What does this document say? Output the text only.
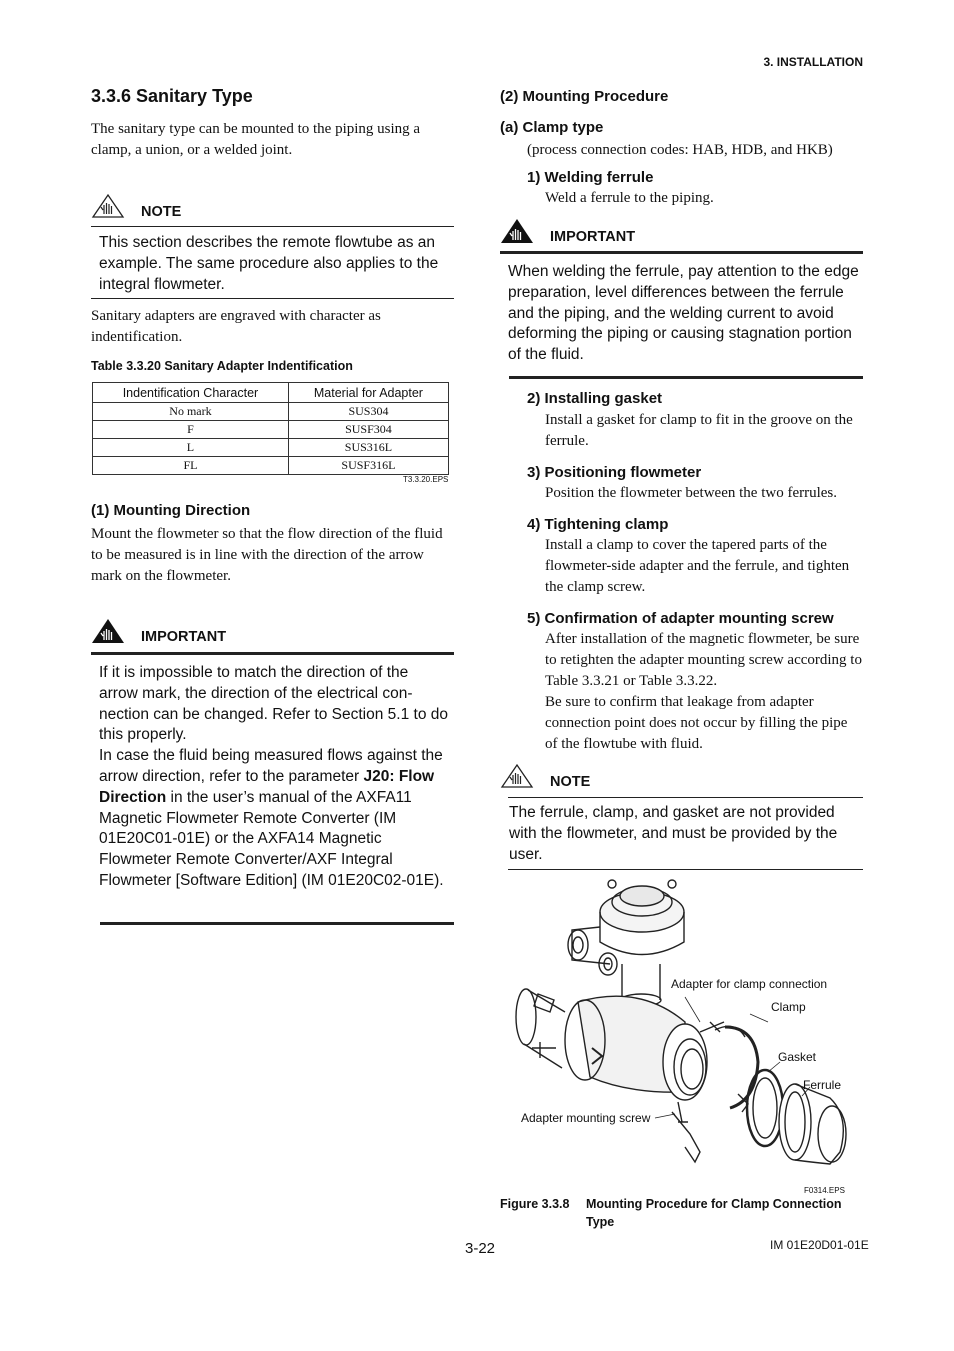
3. INSTALLATION
3.3.6 Sanitary Type
The sanitary type can be mounted to the piping using a clamp, a union, or a welded joint.
NOTE
This section describes the remote flowtube as an example. The same procedure also applies to the integral flowmeter.
Sanitary adapters are engraved with character as indentification.
Table 3.3.20 Sanitary Adapter Indentification
Indentification Character	Material for Adapter
No mark	SUS304
F	SUSF304
L	SUS316L
FL	SUSF316L
T3.3.20.EPS
(1) Mounting Direction
Mount the flowmeter so that the flow direction of the fluid to be measured is in line with the direction of the arrow mark on the flowmeter.
IMPORTANT
If it is impossible to match the direction of the arrow mark, the direction of the electrical con-nection can be changed. Refer to Section 5.1 to do this properly.
In case the fluid being measured flows against the arrow direction, refer to the parameter J20: Flow Direction in the user’s manual of the AXFA11 Magnetic Flowmeter Remote Converter (IM 01E20C01-01E) or the AXFA14 Magnetic Flowmeter Remote Converter/AXF Integral Flowmeter [Software Edition] (IM 01E20C02-01E).
(2) Mounting Procedure
(a) Clamp type
(process connection codes: HAB, HDB, and HKB)
1) Welding ferrule
Weld a ferrule to the piping.
IMPORTANT
When welding the ferrule, pay attention to the edge preparation, level differences between the ferrule and the piping, and the welding current to avoid deforming the piping or causing stagnation portion of the fluid.
2) Installing gasket
Install a gasket for clamp to fit in the groove on the ferrule.
3) Positioning flowmeter
Position the flowmeter between the two ferrules.
4) Tightening clamp
Install a clamp to cover the tapered parts of the flowmeter-side adapter and the ferrule, and tighten the clamp screw.
5) Confirmation of adapter mounting screw
After installation of the magnetic flowmeter, be sure to retighten the adapter mounting screw according to Table 3.3.21 or Table 3.3.22.
Be sure to confirm that leakage from adapter connection point does not occur by filling the pipe of the flowtube with fluid.
NOTE
The ferrule, clamp, and gasket are not provided with the flowmeter, and must be provided by the user.
Adapter for clamp connection
Clamp
Gasket
Ferrule
Adapter mounting screw
F0314.EPS
Figure 3.3.8 Mounting Procedure for Clamp Connection Type
3-22	IM 01E20D01-01E
